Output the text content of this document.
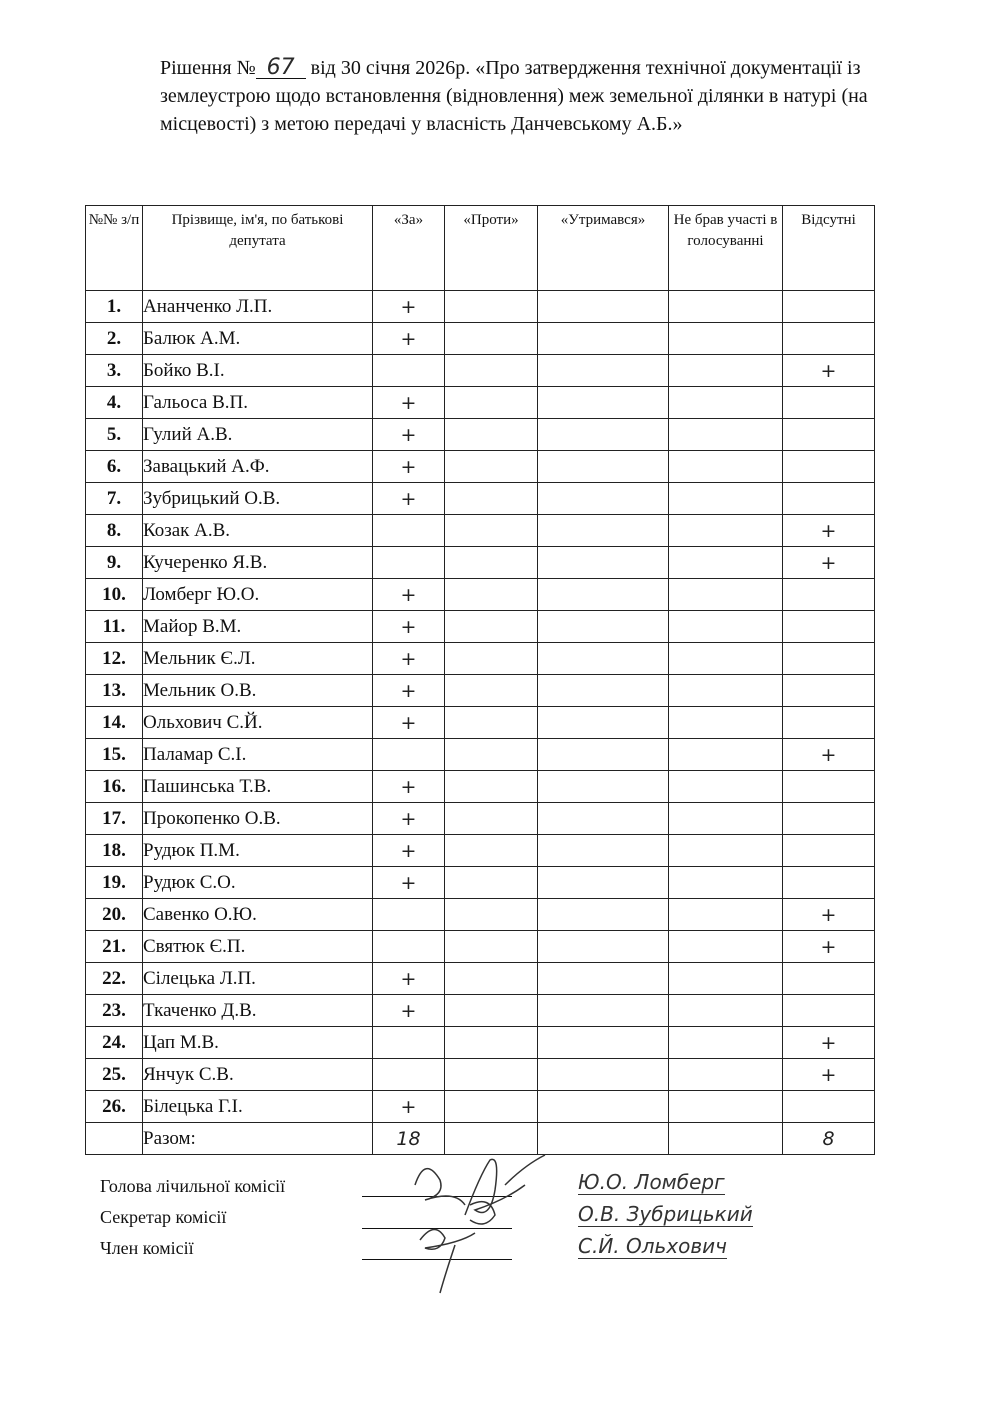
Рішення № 67 від 30 січня 2026р. «Про затвердження технічної документації із землеустрою щодо встановлення (відновлення) меж земельної ділянки в натурі (на місцевості) з метою передачі у власність Данчевському А.Б.»
№№ з/п	Прізвище, ім'я, по батькові депутата	«За»	«Проти»	«Утримався»	Не брав участі в голосуванні	Відсутні
1.	Ананченко Л.П.	+				
2.	Балюк А.М.	+				
3.	Бойко В.І.					+
4.	Гальоса В.П.	+				
5.	Гулий А.В.	+				
6.	Завацький А.Ф.	+				
7.	Зубрицький О.В.	+				
8.	Козак А.В.					+
9.	Кучеренко Я.В.					+
10.	Ломберг Ю.О.	+				
11.	Майор В.М.	+				
12.	Мельник Є.Л.	+				
13.	Мельник О.В.	+				
14.	Ольхович С.Й.	+				
15.	Паламар С.І.					+
16.	Пашинська Т.В.	+				
17.	Прокопенко О.В.	+				
18.	Рудюк П.М.	+				
19.	Рудюк С.О.	+				
20.	Савенко О.Ю.					+
21.	Святюк Є.П.					+
22.	Сілецька Л.П.	+				
23.	Ткаченко Д.В.	+				
24.	Цап М.В.					+
25.	Янчук С.В.					+
26.	Білецька Г.І.	+				
	Разом:	18				8
Голова лічильної комісії	Ю.О. Ломберг
Секретар комісії	О.В. Зубрицький
Член комісії	С.Й. Ольхович
